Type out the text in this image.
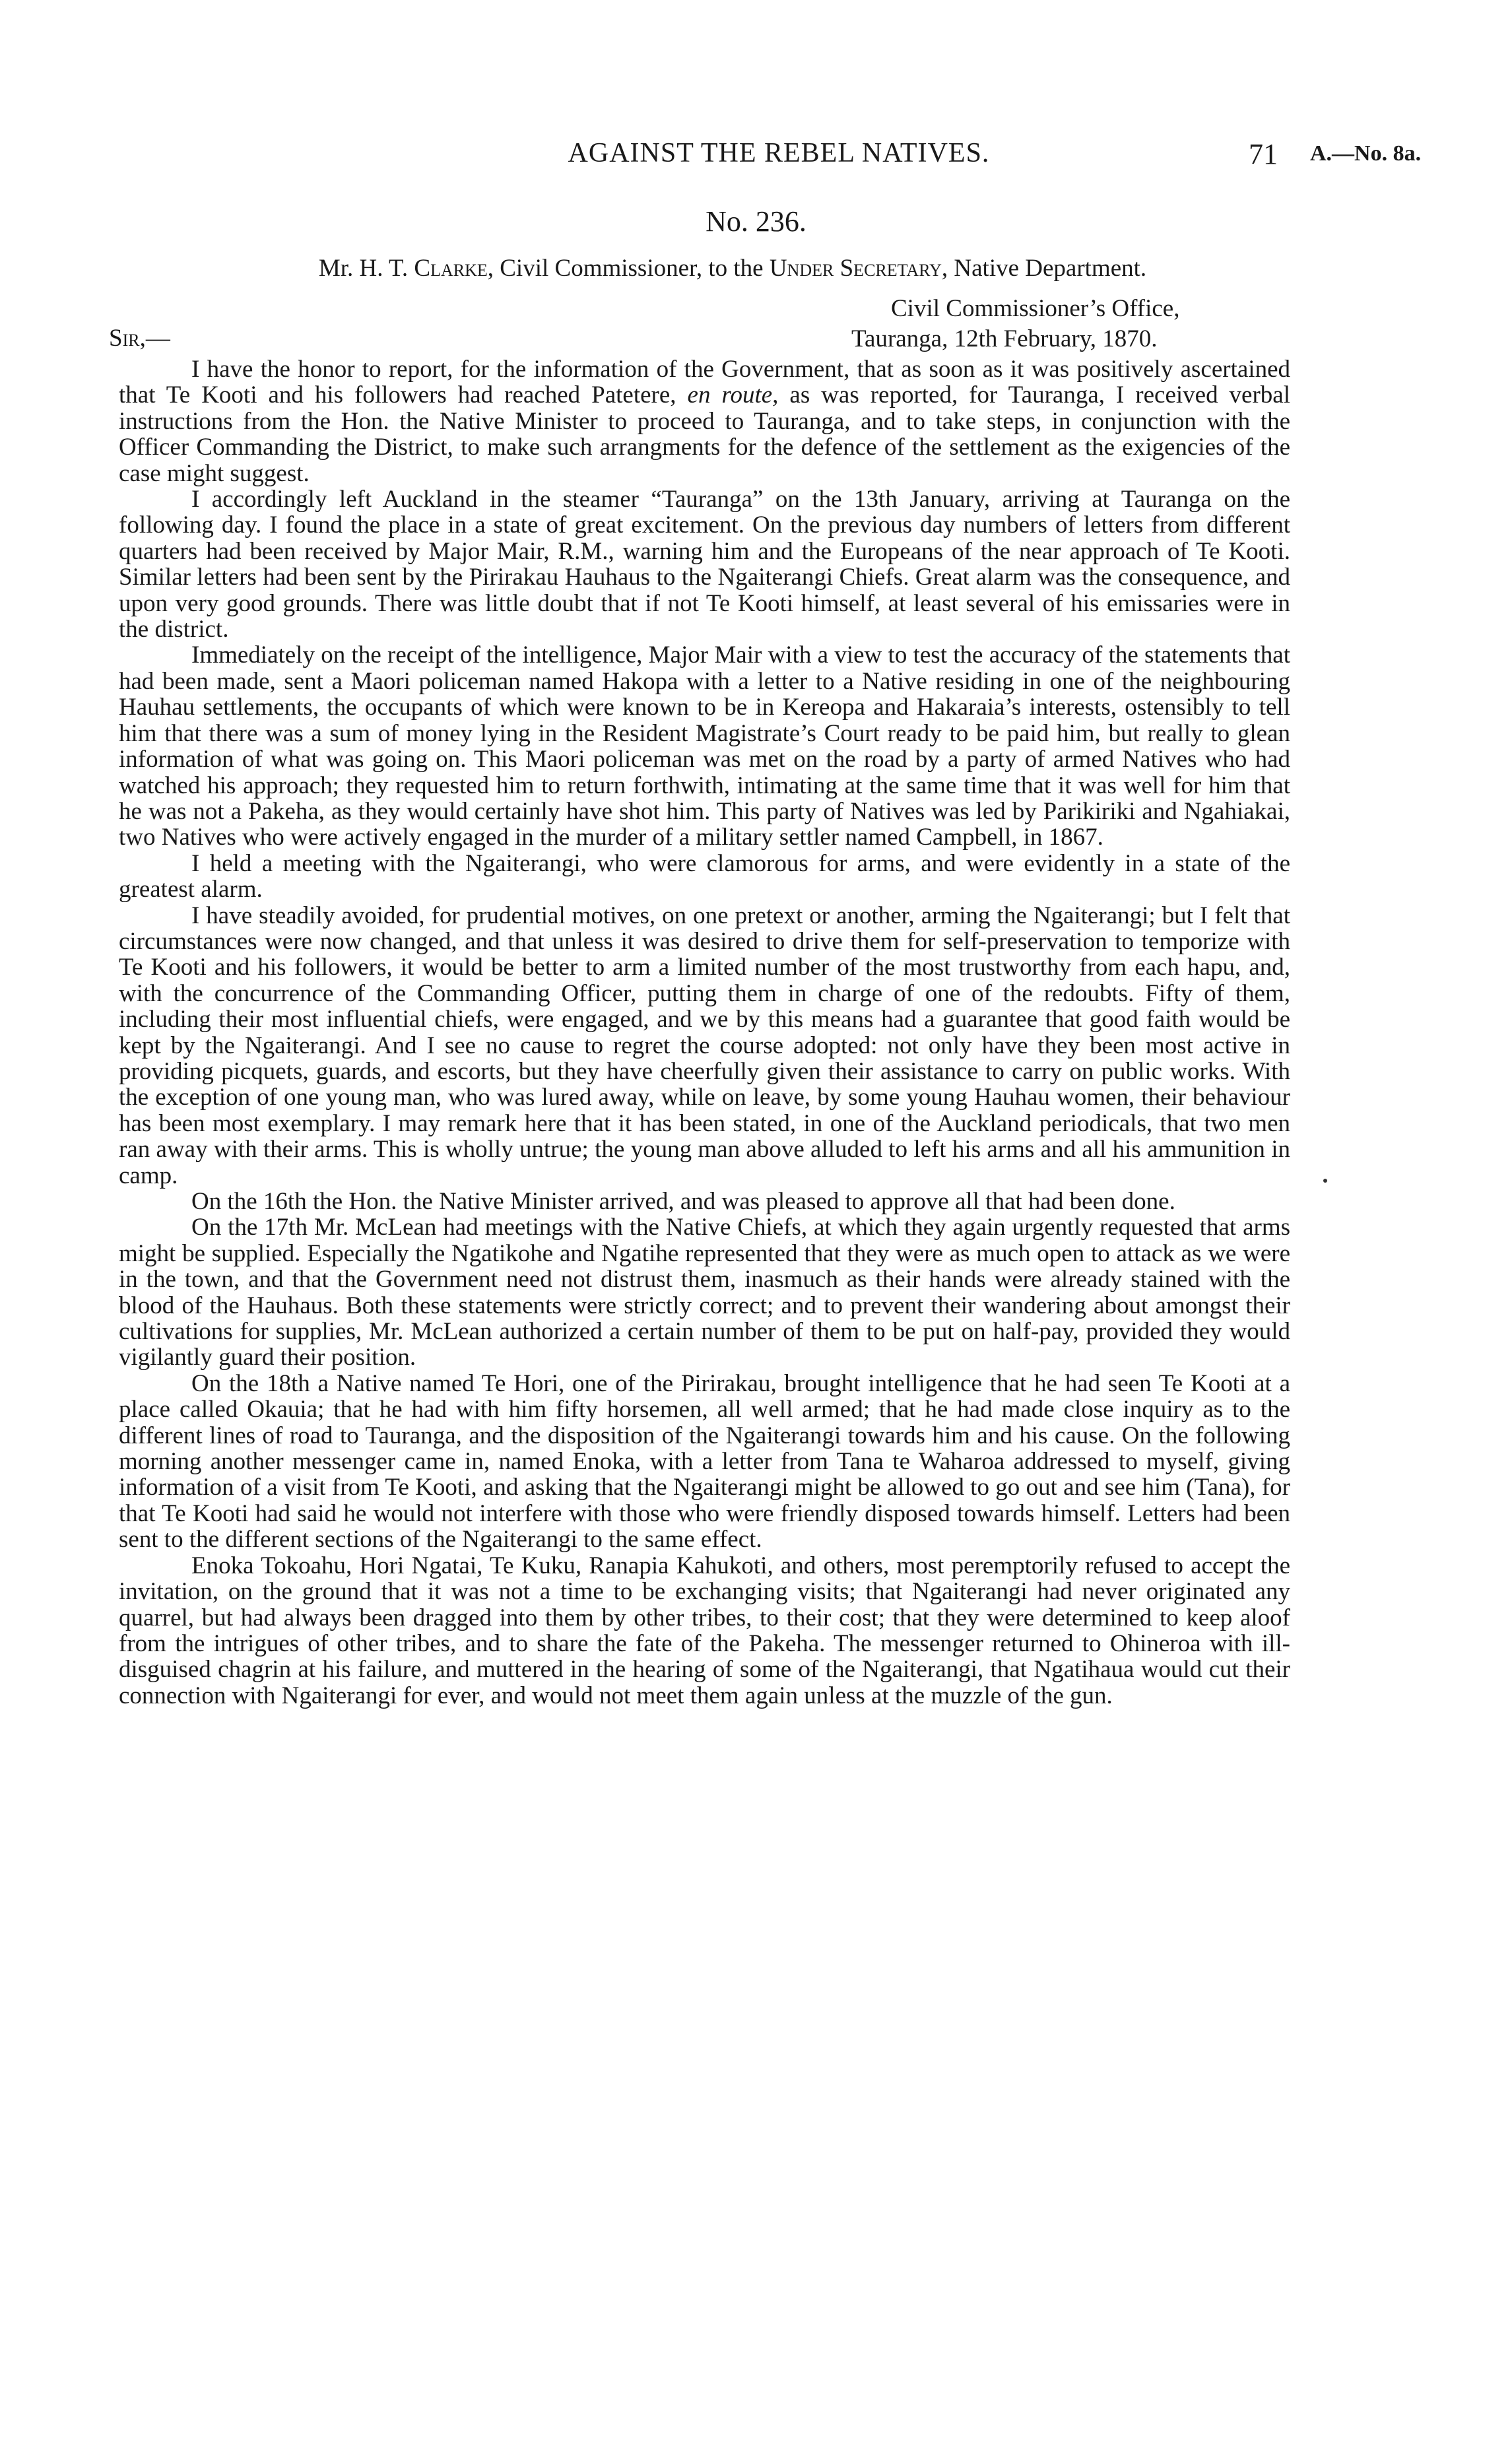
AGAINST THE REBEL NATIVES.	71 A.—No. 8a.
No. 236.
Mr. H. T. Clarke, Civil Commissioner, to the Under Secretary, Native Department.
Civil Commissioner’s Office,
Tauranga, 12th February, 1870.
Sir,—

I have the honor to report, for the information of the Government, that as soon as it was positively ascertained that Te Kooti and his followers had reached Patetere, en route, as was reported, for Tauranga, I received verbal instructions from the Hon. the Native Minister to proceed to Tauranga, and to take steps, in conjunction with the Officer Commanding the District, to make such arrangments for the defence of the settlement as the exigencies of the case might suggest.

I accordingly left Auckland in the steamer “Tauranga” on the 13th January, arriving at Tauranga on the following day. I found the place in a state of great excitement. On the previous day numbers of letters from different quarters had been received by Major Mair, R.M., warning him and the Europeans of the near approach of Te Kooti. Similar letters had been sent by the Pirirakau Hauhaus to the Ngaiterangi Chiefs. Great alarm was the consequence, and upon very good grounds. There was little doubt that if not Te Kooti himself, at least several of his emissaries were in the district.

Immediately on the receipt of the intelligence, Major Mair with a view to test the accuracy of the statements that had been made, sent a Maori policeman named Hakopa with a letter to a Native residing in one of the neighbouring Hauhau settlements, the occupants of which were known to be in Kereopa and Hakaraia’s interests, ostensibly to tell him that there was a sum of money lying in the Resident Magistrate’s Court ready to be paid him, but really to glean information of what was going on. This Maori policeman was met on the road by a party of armed Natives who had watched his approach; they requested him to return forthwith, intimating at the same time that it was well for him that he was not a Pakeha, as they would certainly have shot him. This party of Natives was led by Parikiriki and Ngahiakai, two Natives who were actively engaged in the murder of a military settler named Campbell, in 1867.

I held a meeting with the Ngaiterangi, who were clamorous for arms, and were evidently in a state of the greatest alarm.

I have steadily avoided, for prudential motives, on one pretext or another, arming the Ngaiterangi; but I felt that circumstances were now changed, and that unless it was desired to drive them for self-preservation to temporize with Te Kooti and his followers, it would be better to arm a limited number of the most trustworthy from each hapu, and, with the concurrence of the Commanding Officer, putting them in charge of one of the redoubts. Fifty of them, including their most influential chiefs, were engaged, and we by this means had a guarantee that good faith would be kept by the Ngaiterangi. And I see no cause to regret the course adopted: not only have they been most active in providing picquets, guards, and escorts, but they have cheerfully given their assistance to carry on public works. With the exception of one young man, who was lured away, while on leave, by some young Hauhau women, their behaviour has been most exemplary. I may remark here that it has been stated, in one of the Auckland periodicals, that two men ran away with their arms. This is wholly untrue; the young man above alluded to left his arms and all his ammunition in camp.

On the 16th the Hon. the Native Minister arrived, and was pleased to approve all that had been done.

On the 17th Mr. McLean had meetings with the Native Chiefs, at which they again urgently requested that arms might be supplied. Especially the Ngatikohe and Ngatihe represented that they were as much open to attack as we were in the town, and that the Government need not distrust them, inasmuch as their hands were already stained with the blood of the Hauhaus. Both these statements were strictly correct; and to prevent their wandering about amongst their cultivations for supplies, Mr. McLean authorized a certain number of them to be put on half-pay, provided they would vigilantly guard their position.

On the 18th a Native named Te Hori, one of the Pirirakau, brought intelligence that he had seen Te Kooti at a place called Okauia; that he had with him fifty horsemen, all well armed; that he had made close inquiry as to the different lines of road to Tauranga, and the disposition of the Ngaiterangi towards him and his cause. On the following morning another messenger came in, named Enoka, with a letter from Tana te Waharoa addressed to myself, giving information of a visit from Te Kooti, and asking that the Ngaiterangi might be allowed to go out and see him (Tana), for that Te Kooti had said he would not interfere with those who were friendly disposed towards himself. Letters had been sent to the different sections of the Ngaiterangi to the same effect.

Enoka Tokoahu, Hori Ngatai, Te Kuku, Ranapia Kahukoti, and others, most peremptorily refused to accept the invitation, on the ground that it was not a time to be exchanging visits; that Ngaiterangi had never originated any quarrel, but had always been dragged into them by other tribes, to their cost; that they were determined to keep aloof from the intrigues of other tribes, and to share the fate of the Pakeha. The messenger returned to Ohineroa with ill-disguised chagrin at his failure, and muttered in the hearing of some of the Ngaiterangi, that Ngatihaua would cut their connection with Ngaiterangi for ever, and would not meet them again unless at the muzzle of the gun.
